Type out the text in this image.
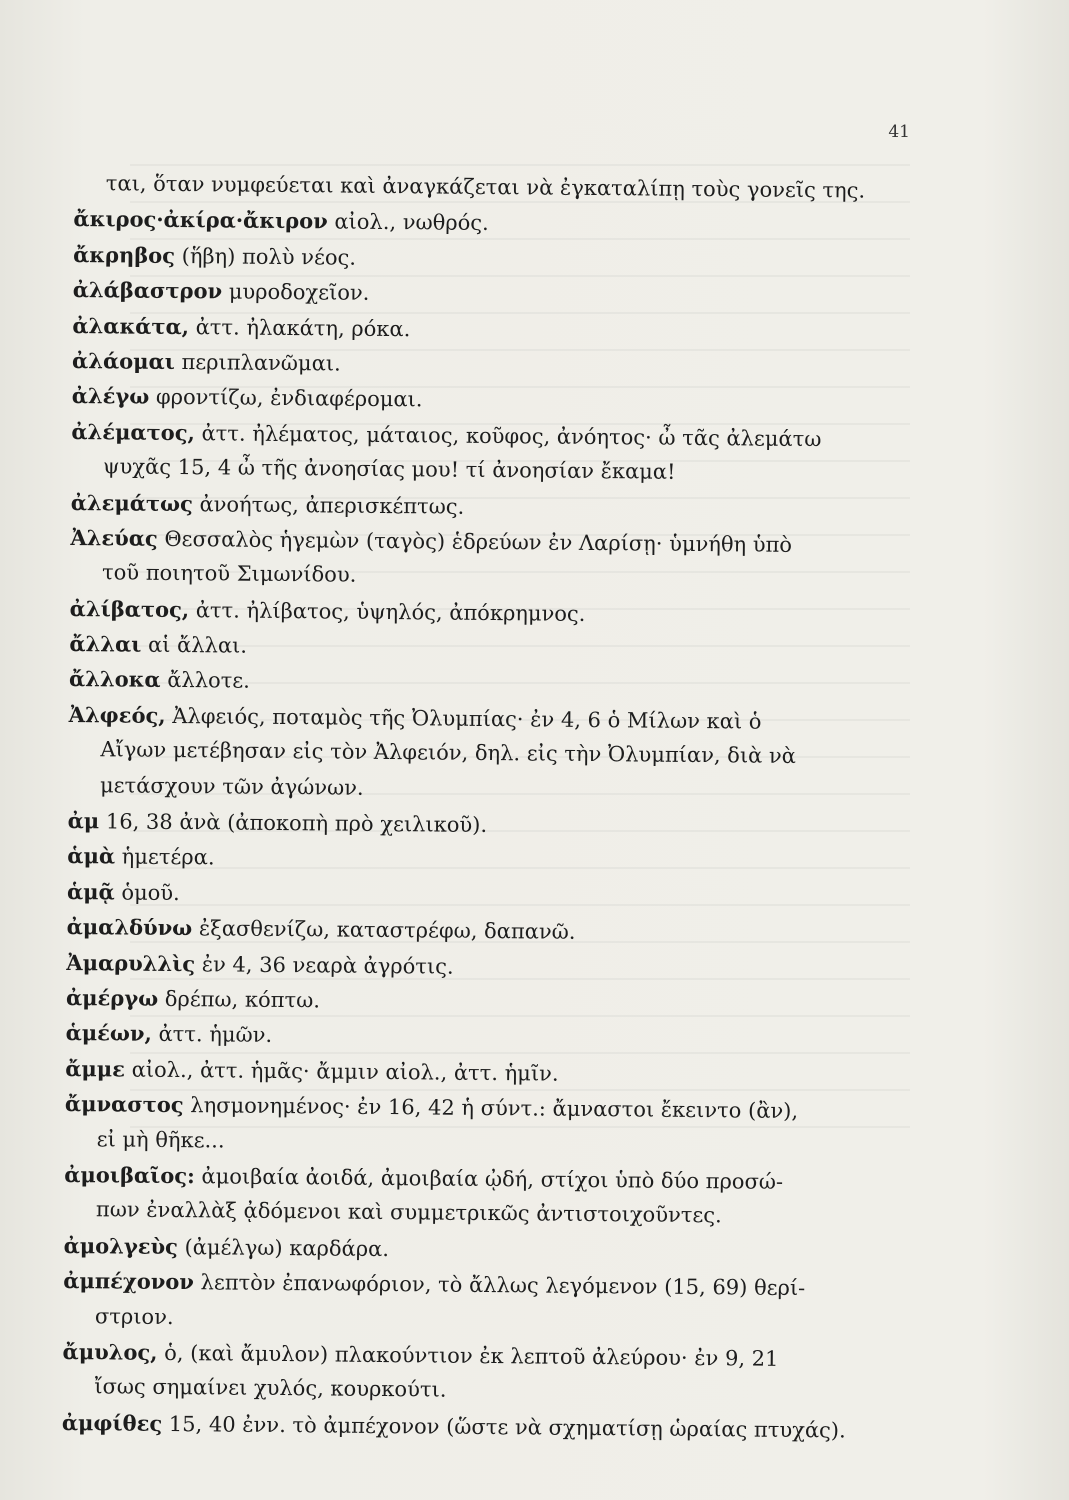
41
ται, ὅταν νυμφεύεται καὶ ἀναγκάζεται νὰ ἐγκαταλίπῃ τοὺς γονεῖς της.
ἄκιρος·ἀκίρα·ἄκιρον αἰολ., νωθρός.
ἄκρηβος (ἥβη) πολὺ νέος.
ἀλάβαστρον μυροδοχεῖον.
ἀλακάτα, ἀττ. ἠλακάτη, ρόκα.
ἀλάομαι περιπλανῶμαι.
ἀλέγω φροντίζω, ἐνδιαφέρομαι.
ἀλέματος, ἀττ. ἠλέματος, μάταιος, κοῦφος, ἀνόητος· ὦ τᾶς ἀλεμάτω
ψυχᾶς 15, 4 ὦ τῆς ἀνοησίας μου! τί ἀνοησίαν ἔκαμα!
ἀλεμάτως ἀνοήτως, ἀπερισκέπτως.
Ἀλεύας Θεσσαλὸς ἡγεμὼν (ταγὸς) ἑδρεύων ἐν Λαρίσῃ· ὑμνήθη ὑπὸ
τοῦ ποιητοῦ Σιμωνίδου.
ἀλίβατος, ἀττ. ἠλίβατος, ὑψηλός, ἀπόκρημνος.
ἄλλαι αἱ ἄλλαι.
ἄλλοκα ἄλλοτε.
Ἀλφεός, Ἀλφειός, ποταμὸς τῆς Ὀλυμπίας· ἐν 4, 6 ὁ Μίλων καὶ ὁ
Αἴγων μετέβησαν εἰς τὸν Ἀλφειόν, δηλ. εἰς τὴν Ὀλυμπίαν, διὰ νὰ
μετάσχουν τῶν ἀγώνων.
ἀμ 16, 38 ἀνὰ (ἀποκοπὴ πρὸ χειλικοῦ).
ἁμὰ ἡμετέρα.
ἁμᾷ ὁμοῦ.
ἀμαλδύνω ἐξασθενίζω, καταστρέφω, δαπανῶ.
Ἀμαρυλλὶς ἐν 4, 36 νεαρὰ ἀγρότις.
ἀμέργω δρέπω, κόπτω.
ἁμέων, ἀττ. ἡμῶν.
ἄμμε αἰολ., ἀττ. ἡμᾶς· ἄμμιν αἰολ., ἀττ. ἡμῖν.
ἄμναστος λησμονημένος· ἐν 16, 42 ἡ σύντ.: ἄμναστοι ἔκειντο (ἂν),
εἰ μὴ θῆκε...
ἀμοιβαῖος: ἀμοιβαία ἀοιδά, ἀμοιβαία ᾠδή, στίχοι ὑπὸ δύο προσώ-
πων ἐναλλὰξ ᾀδόμενοι καὶ συμμετρικῶς ἀντιστοιχοῦντες.
ἀμολγεὺς (ἀμέλγω) καρδάρα.
ἀμπέχονον λεπτὸν ἐπανωφόριον, τὸ ἄλλως λεγόμενον (15, 69) θερί-
στριον.
ἄμυλος, ὁ, (καὶ ἄμυλον) πλακούντιον ἐκ λεπτοῦ ἀλεύρου· ἐν 9, 21
ἴσως σημαίνει χυλός, κουρκούτι.
ἀμφίθες 15, 40 ἐνν. τὸ ἀμπέχονον (ὥστε νὰ σχηματίσῃ ὡραίας πτυχάς).
